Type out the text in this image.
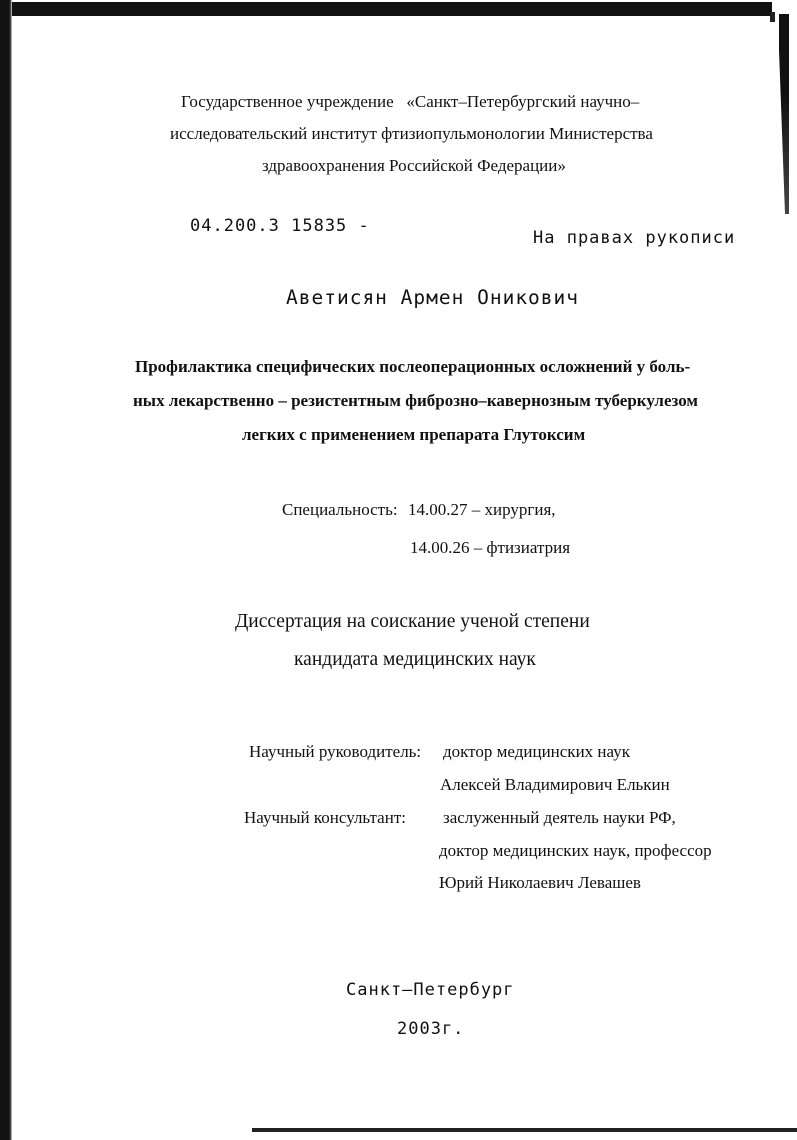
Государственное учреждение   «Санкт–Петербургский научно–
исследовательский институт фтизиопульмонологии Министерства
здравоохранения Российской Федерации»
04.200.3 15835 -
На правах рукописи
Аветисян Армен Оникович
Профилактика специфических послеоперационных осложнений у боль-
ных лекарственно – резистентным фиброзно–кавернозным туберкулезом
легких с применением препарата Глутоксим
Специальность: 14.00.27 – хирургия,
14.00.26 – фтизиатрия
Диссертация на соискание ученой степени
кандидата медицинских наук
Научный руководитель: доктор медицинских наук
Алексей Владимирович Елькин
Научный консультант: заслуженный деятель науки РФ,
доктор медицинских наук, профессор
Юрий Николаевич Левашев
Санкт–Петербург
2003г.
